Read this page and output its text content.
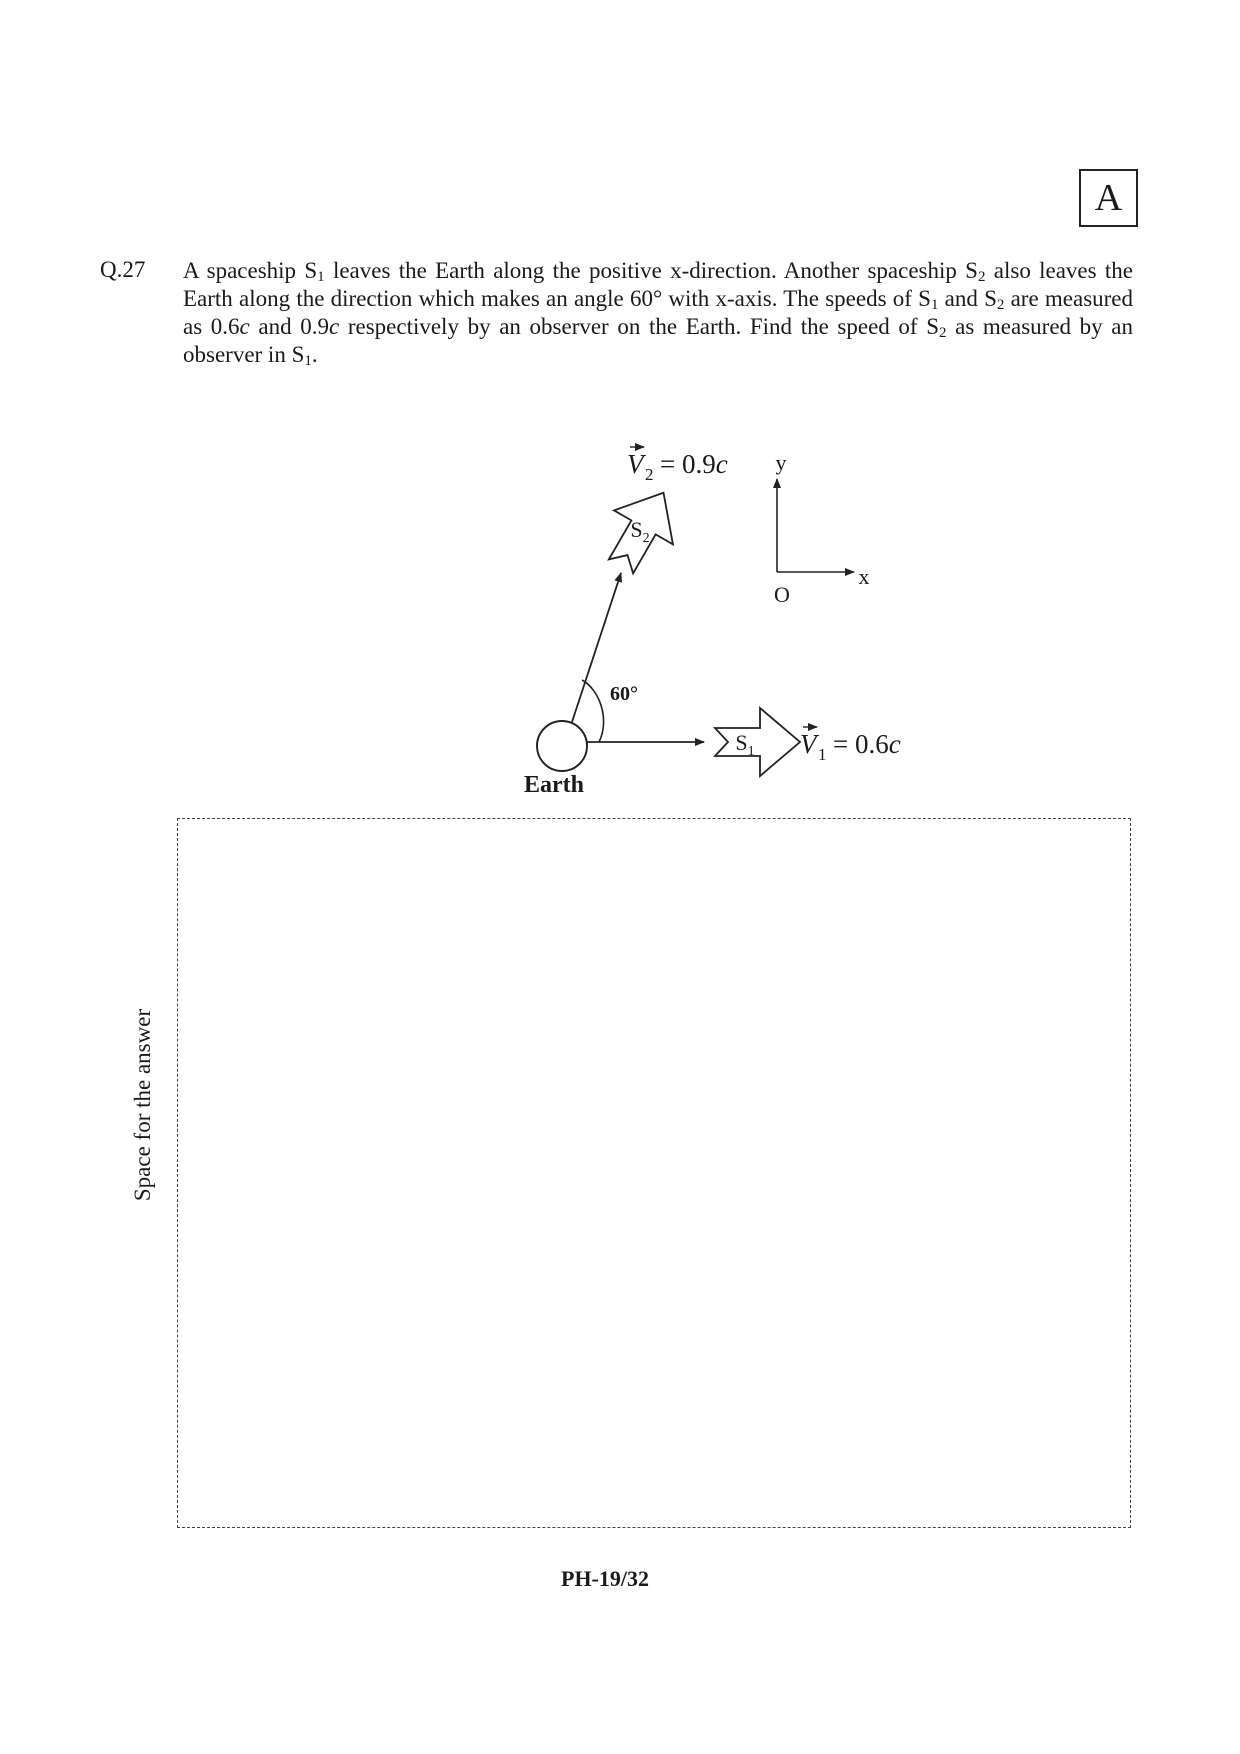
A
Q.27 A spaceship $S_1$ leaves the Earth along the positive x-direction. Another spaceship $S_2$ also leaves the Earth along the direction which makes an angle 60° with x-axis. The speeds of $S_1$ and $S_2$ are measured as 0.6c and 0.9c respectively by an observer on the Earth. Find the speed of $S_2$ as measured by an observer in $S_1$.
Earth
60°
$S_1$ V 1 = 0.6c
$S_2$
V 2 = 0.9c y
x
O
Space for the answer
PH-19/32
